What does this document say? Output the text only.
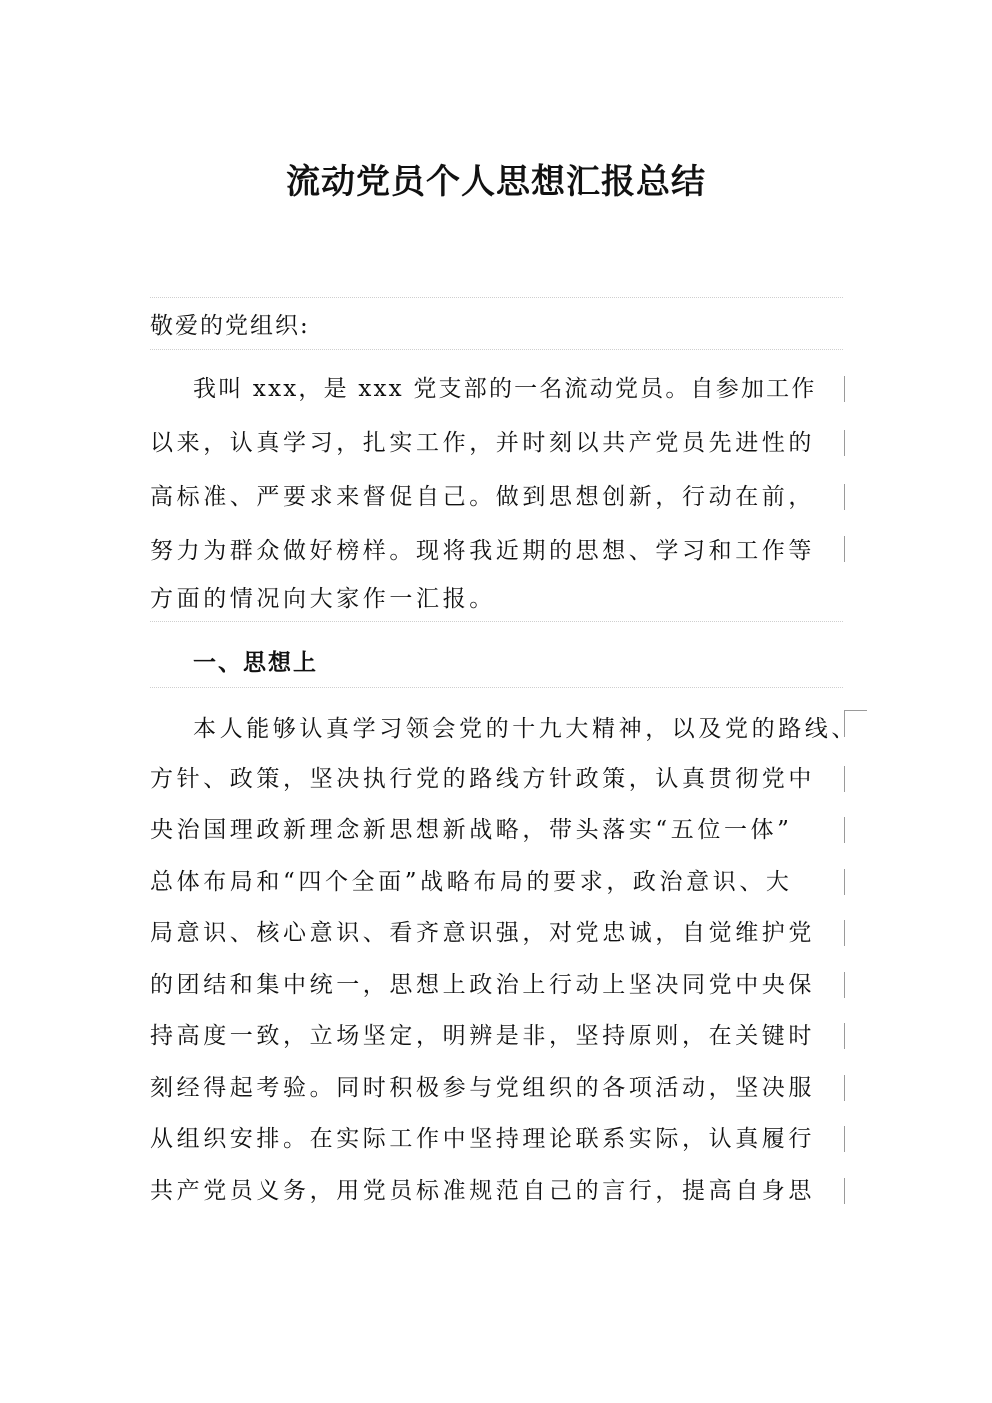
流动党员个人思想汇报总结
敬爱的党组织:
我叫 xxx，是 xxx 党支部的一名流动党员。自参加工作
以来，认真学习，扎实工作，并时刻以共产党员先进性的
高标准、严要求来督促自己。做到思想创新，行动在前，
努力为群众做好榜样。现将我近期的思想、学习和工作等
方面的情况向大家作一汇报。
一、思想上
本人能够认真学习领会党的十九大精神，以及党的路线、
方针、政策，坚决执行党的路线方针政策，认真贯彻党中
央治国理政新理念新思想新战略，带头落实“五位一体”
总体布局和“四个全面”战略布局的要求，政治意识、大
局意识、核心意识、看齐意识强，对党忠诚，自觉维护党
的团结和集中统一，思想上政治上行动上坚决同党中央保
持高度一致，立场坚定，明辨是非，坚持原则，在关键时
刻经得起考验。同时积极参与党组织的各项活动，坚决服
从组织安排。在实际工作中坚持理论联系实际，认真履行
共产党员义务，用党员标准规范自己的言行，提高自身思
